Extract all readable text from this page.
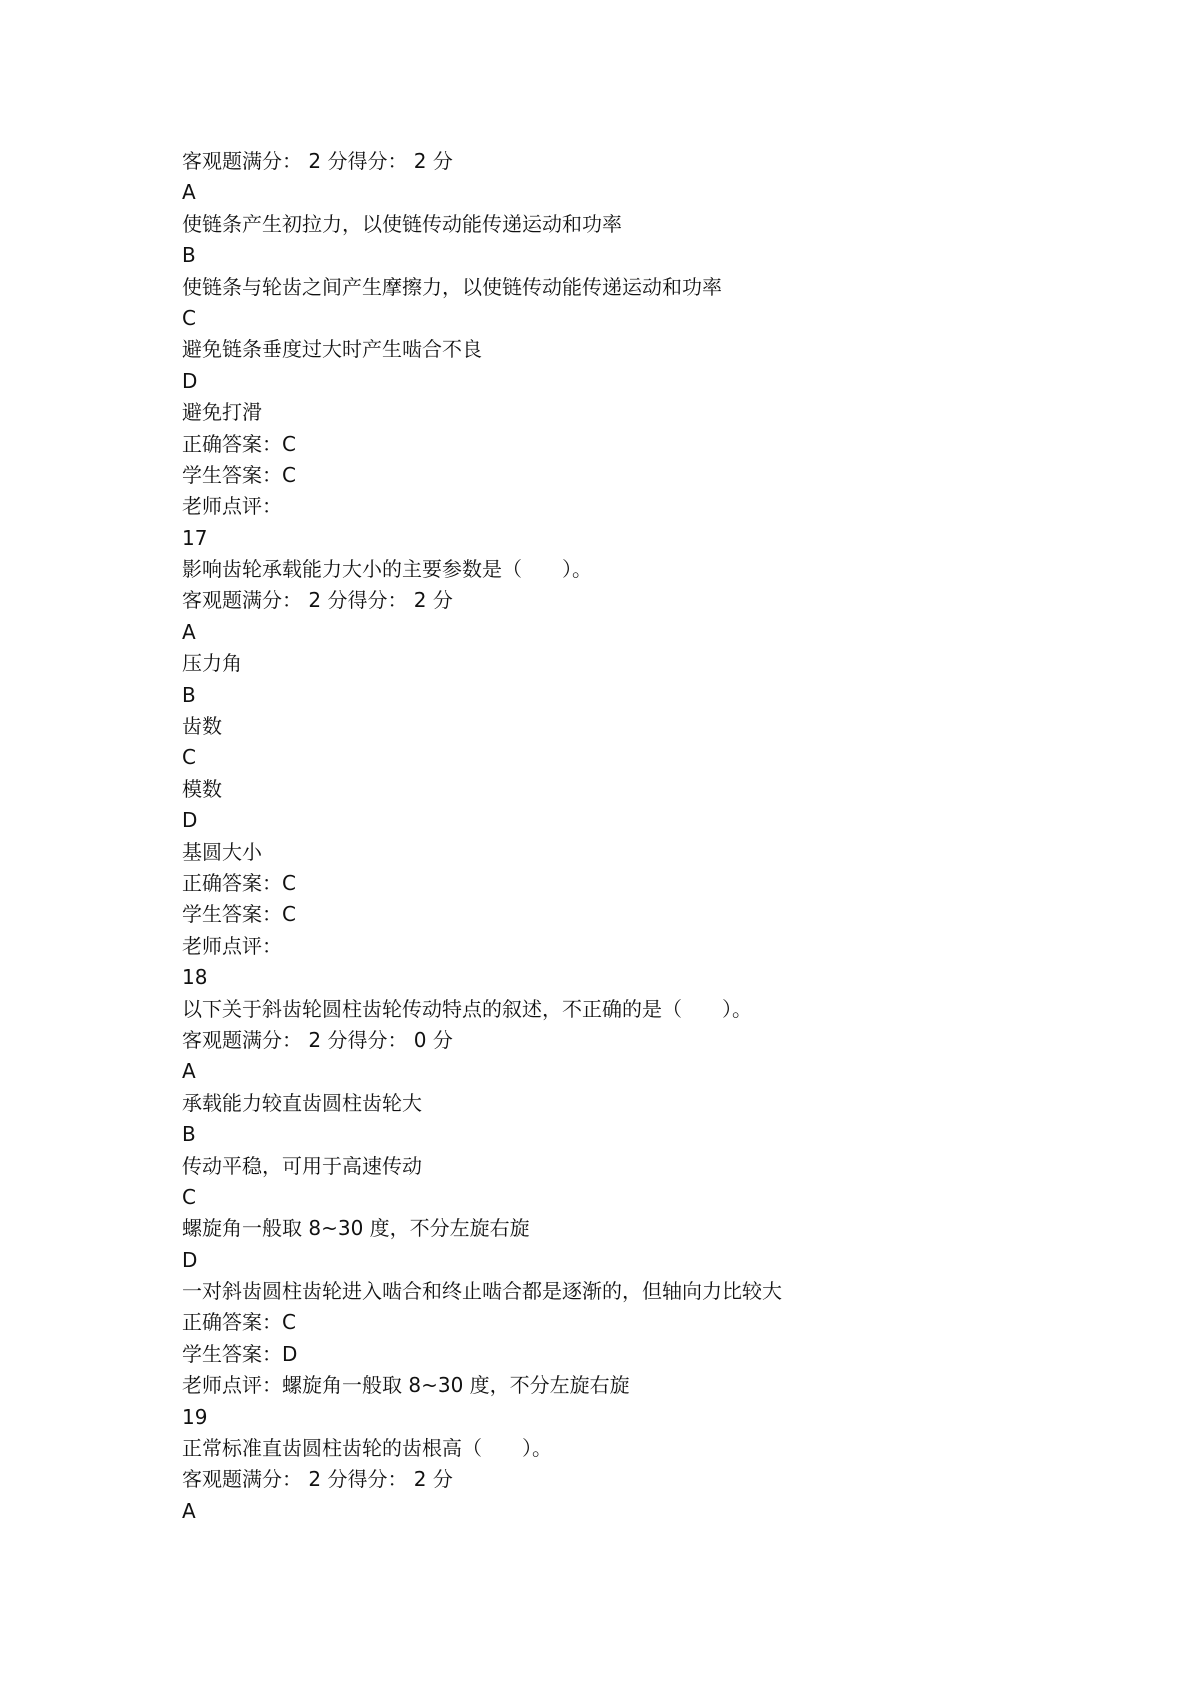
客观题满分： 2 分得分： 2 分
A
使链条产生初拉力，以使链传动能传递运动和功率
B
使链条与轮齿之间产生摩擦力，以使链传动能传递运动和功率
C
避免链条垂度过大时产生啮合不良
D
避免打滑
正确答案：C
学生答案：C
老师点评：
17
影响齿轮承载能力大小的主要参数是（　　）。
客观题满分： 2 分得分： 2 分
A
压力角
B
齿数
C
模数
D
基圆大小
正确答案：C
学生答案：C
老师点评：
18
以下关于斜齿轮圆柱齿轮传动特点的叙述，不正确的是（　　）。
客观题满分： 2 分得分： 0 分
A
承载能力较直齿圆柱齿轮大
B
传动平稳，可用于高速传动
C
螺旋角一般取 8~30 度，不分左旋右旋
D
一对斜齿圆柱齿轮进入啮合和终止啮合都是逐渐的，但轴向力比较大
正确答案：C
学生答案：D
老师点评：螺旋角一般取 8~30 度，不分左旋右旋
19
正常标准直齿圆柱齿轮的齿根高（　　）。
客观题满分： 2 分得分： 2 分
A
